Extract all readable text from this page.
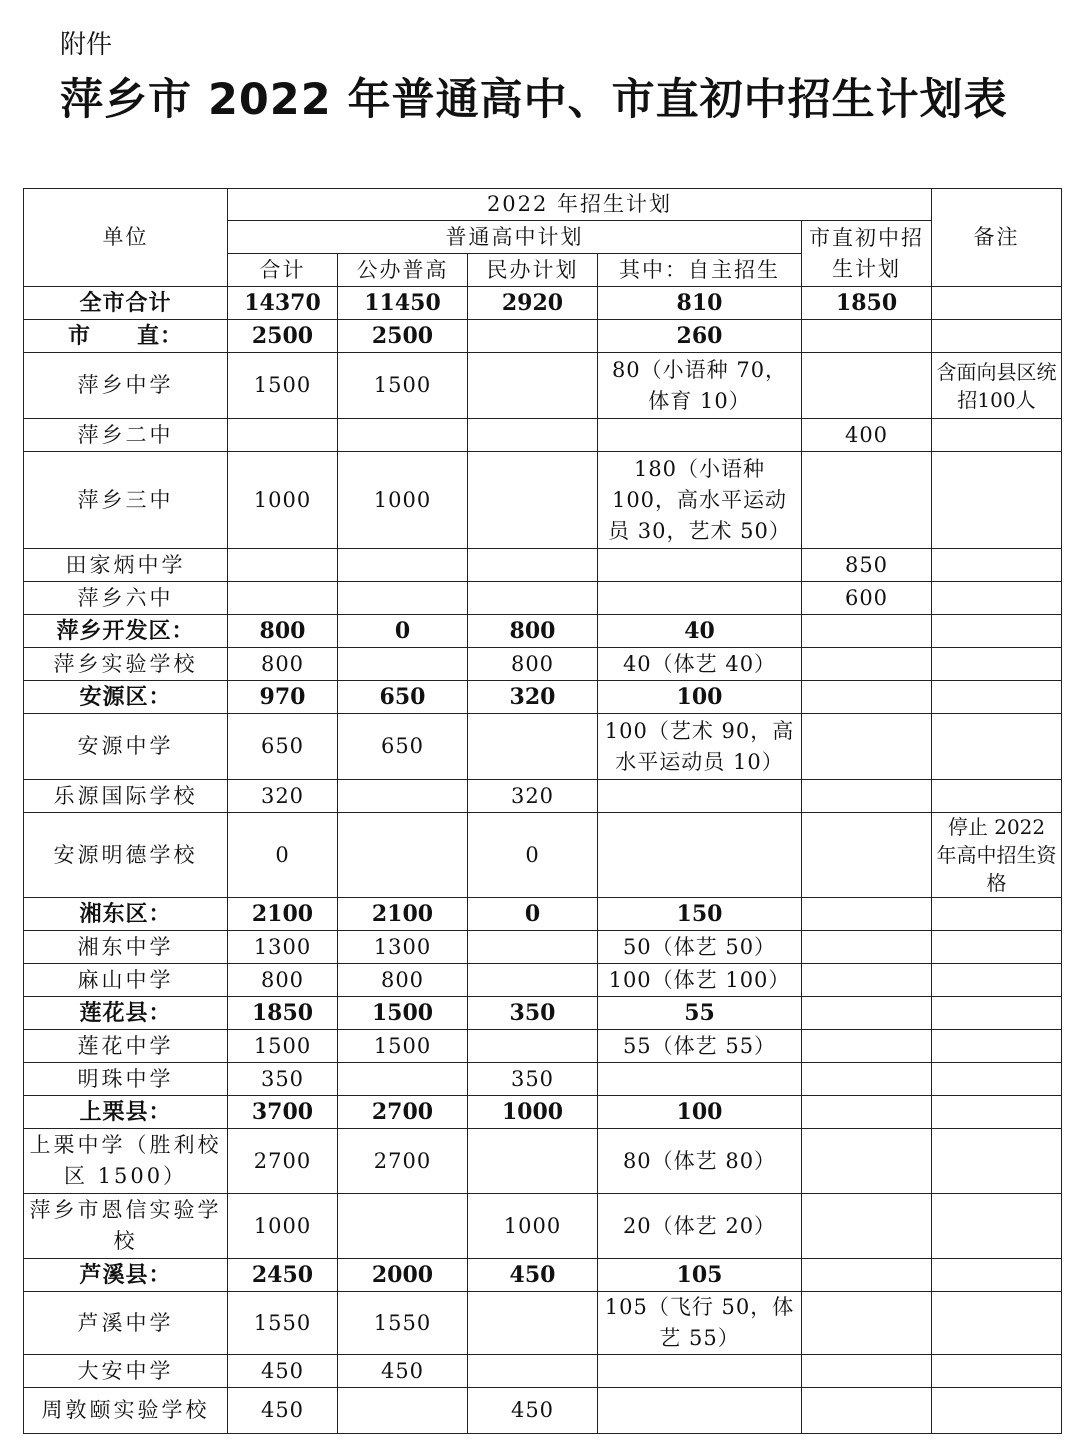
附件
萍乡市 2022 年普通高中、市直初中招生计划表
单位	2022 年招生计划					备注
	普通高中计划				市直初中招生计划	
	合计	公办普高	民办计划	其中：自主招生		
全市合计	14370	11450	2920	810	1850	
市　　直：	2500	2500		260		
萍乡中学	1500	1500		80（小语种 70，体育 10）		含面向县区统招100人
萍乡二中					400	
萍乡三中	1000	1000		180（小语种 100，高水平运动员 30，艺术 50）		
田家炳中学					850	
萍乡六中					600	
萍乡开发区：	800	0	800	40		
萍乡实验学校	800		800	40（体艺 40）		
安源区：	970	650	320	100		
安源中学	650	650		100（艺术 90，高水平运动员 10）		
乐源国际学校	320		320			
安源明德学校	0		0			停止 2022 年高中招生资格
湘东区：	2100	2100	0	150		
湘东中学	1300	1300		50（体艺 50）		
麻山中学	800	800		100（体艺 100）		
莲花县：	1850	1500	350	55		
莲花中学	1500	1500		55（体艺 55）		
明珠中学	350		350			
上栗县：	3700	2700	1000	100		
上栗中学（胜利校区 1500）	2700	2700		80（体艺 80）		
萍乡市恩信实验学校	1000		1000	20（体艺 20）		
芦溪县：	2450	2000	450	105		
芦溪中学	1550	1550		105（飞行 50，体艺 55）		
大安中学	450	450				
周敦颐实验学校	450		450			
